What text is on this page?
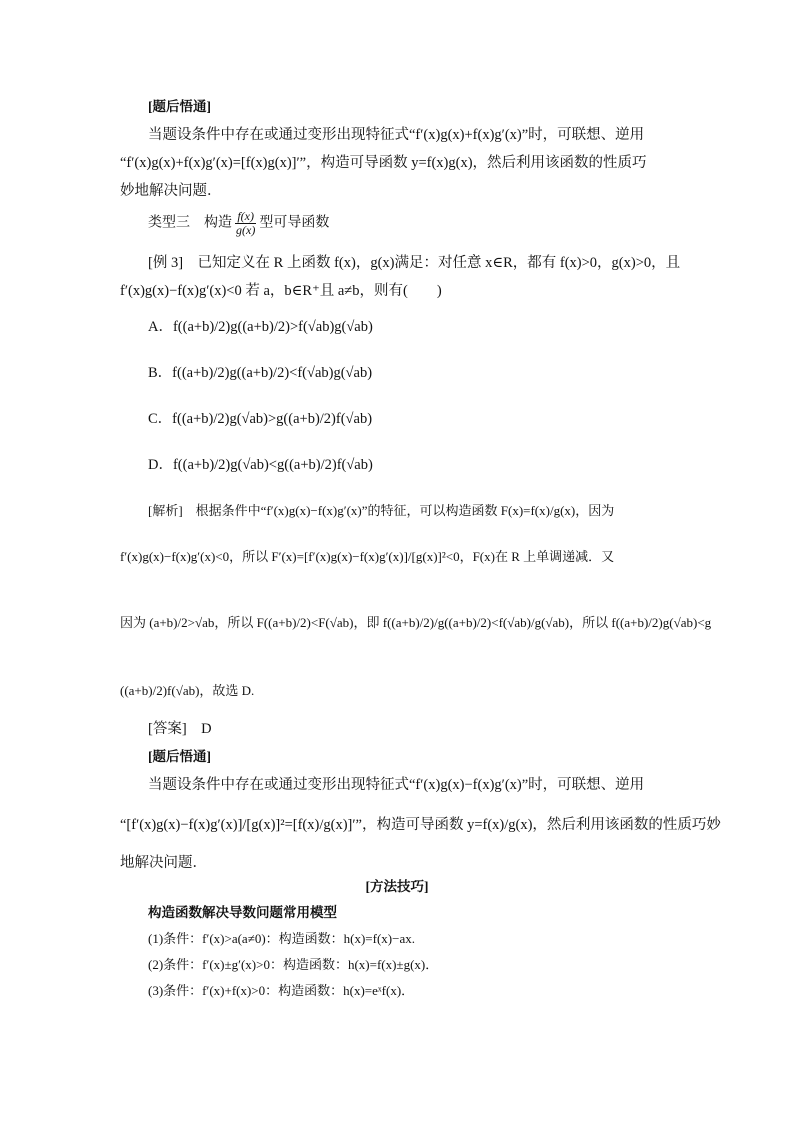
[题后悟通]
当题设条件中存在或通过变形出现特征式“f′(x)g(x)+f(x)g′(x)”时，可联想、逆用
“f′(x)g(x)+f(x)g′(x)=[f(x)g(x)]′”，构造可导函数 y=f(x)g(x)，然后利用该函数的性质巧
妙地解决问题．
类型三　构造 $\frac{f(x)}{g(x)}$ 型可导函数
[例 3]　已知定义在 R 上函数 f(x)，g(x)满足：对任意 x∈R，都有 f(x)>0，g(x)>0，且
f′(x)g(x)−f(x)g′(x)<0 若 a，b∈R⁺且 a≠b，则有(　　)
A．f((a+b)/2)g((a+b)/2)>f(√ab)g(√ab)
B．f((a+b)/2)g((a+b)/2)<f(√ab)g(√ab)
C．f((a+b)/2)g(√ab)>g((a+b)/2)f(√ab)
D．f((a+b)/2)g(√ab)<g((a+b)/2)f(√ab)
[解析]　根据条件中“f′(x)g(x)−f(x)g′(x)”的特征，可以构造函数 F(x)=f(x)/g(x)，因为
f′(x)g(x)−f(x)g′(x)<0，所以 F′(x)=[f′(x)g(x)−f(x)g′(x)]/[g(x)]²<0，F(x)在 R 上单调递减．又
因为 (a+b)/2>√ab，所以 F((a+b)/2)<F(√ab)，即 f((a+b)/2)/g((a+b)/2)<f(√ab)/g(√ab)，所以 f((a+b)/2)g(√ab)<g
((a+b)/2)f(√ab)，故选 D.
[答案]　D
[题后悟通]
当题设条件中存在或通过变形出现特征式“f′(x)g(x)−f(x)g′(x)”时，可联想、逆用
“[f′(x)g(x)−f(x)g′(x)]/[g(x)]²=[f(x)/g(x)]′”，构造可导函数 y=f(x)/g(x)，然后利用该函数的性质巧妙
地解决问题．
[方法技巧]
构造函数解决导数问题常用模型
(1)条件：f′(x)>a(a≠0)：构造函数：h(x)=f(x)−ax.
(2)条件：f′(x)±g′(x)>0：构造函数：h(x)=f(x)±g(x)．
(3)条件：f′(x)+f(x)>0：构造函数：h(x)=eˣf(x)．
